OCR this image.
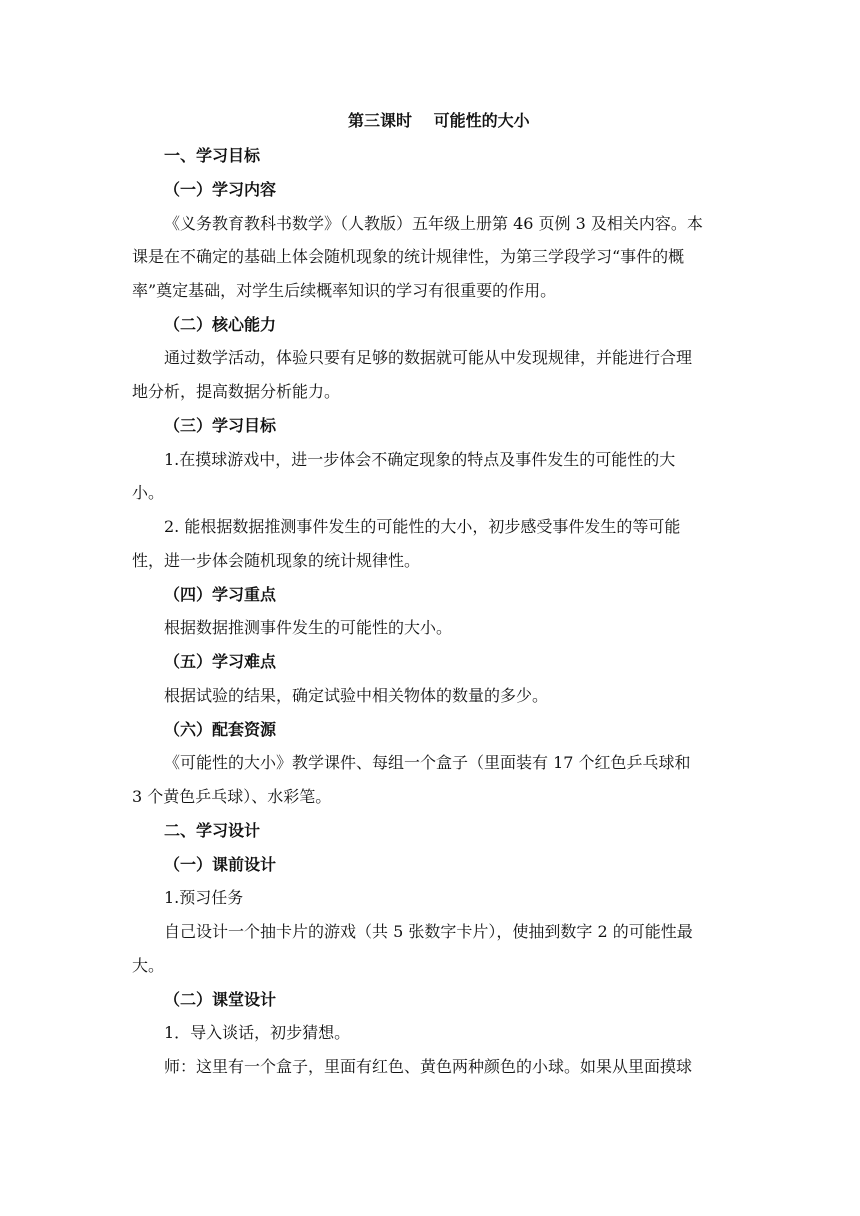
第三课时　 可能性的大小
一、学习目标
（一）学习内容
《义务教育教科书数学》（人教版）五年级上册第 46 页例 3 及相关内容。本
课是在不确定的基础上体会随机现象的统计规律性，为第三学段学习“事件的概
率”奠定基础，对学生后续概率知识的学习有很重要的作用。
（二）核心能力
通过数学活动，体验只要有足够的数据就可能从中发现规律，并能进行合理
地分析，提高数据分析能力。
（三）学习目标
1.在摸球游戏中，进一步体会不确定现象的特点及事件发生的可能性的大
小。
2. 能根据数据推测事件发生的可能性的大小，初步感受事件发生的等可能
性，进一步体会随机现象的统计规律性。
（四）学习重点
根据数据推测事件发生的可能性的大小。
（五）学习难点
根据试验的结果，确定试验中相关物体的数量的多少。
（六）配套资源
《可能性的大小》教学课件、每组一个盒子（里面装有 17 个红色乒乓球和
3 个黄色乒乓球）、水彩笔。
二、学习设计
（一）课前设计
1.预习任务
自己设计一个抽卡片的游戏（共 5 张数字卡片），使抽到数字 2 的可能性最
大。
（二）课堂设计
1．导入谈话，初步猜想。
师：这里有一个盒子，里面有红色、黄色两种颜色的小球。如果从里面摸球
